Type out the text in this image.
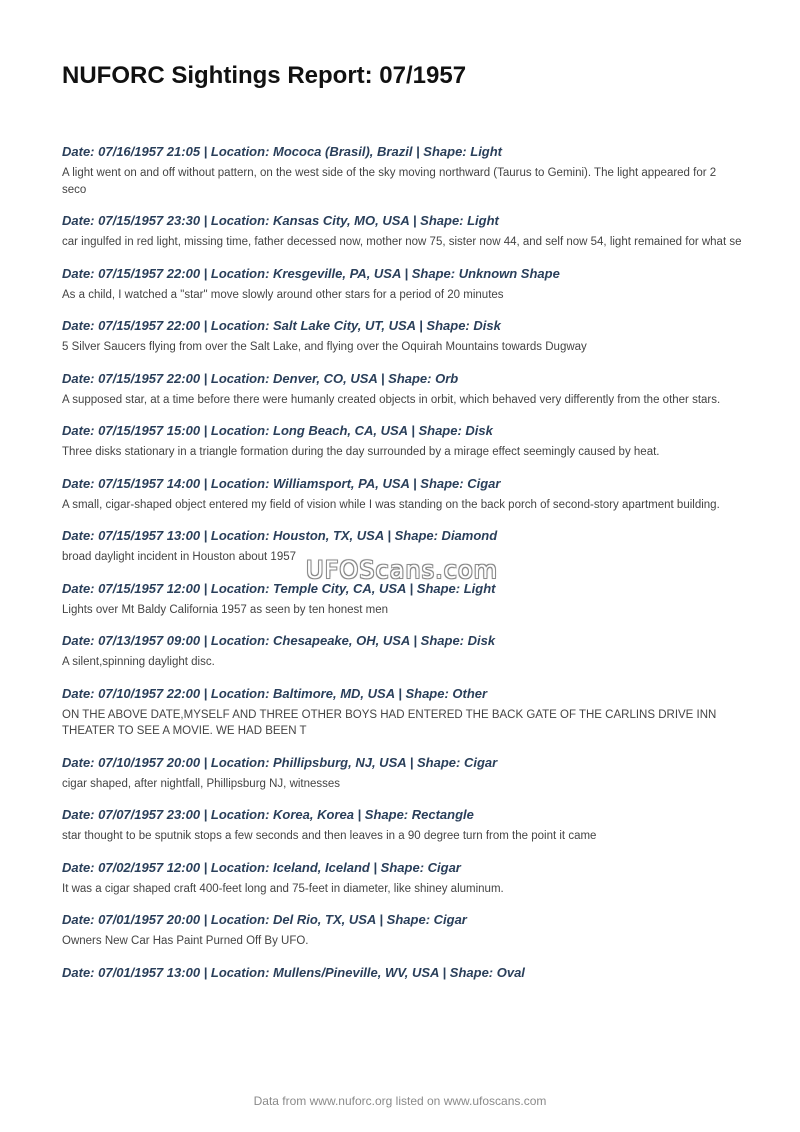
NUFORC Sightings Report: 07/1957
Date: 07/16/1957 21:05 | Location: Mococa (Brasil), Brazil | Shape: Light

A light went on and off without pattern, on the west side of the sky moving northward (Taurus to Gemini). The light appeared for 2 seco

Date: 07/15/1957 23:30 | Location: Kansas City, MO, USA | Shape: Light

car ingulfed in red light, missing time, father decessed now, mother now 75, sister now 44, and self now 54, light remained for what se

Date: 07/15/1957 22:00 | Location: Kresgeville, PA, USA | Shape: Unknown Shape

As a child, I watched a "star" move slowly around other stars for a period of 20 minutes

Date: 07/15/1957 22:00 | Location: Salt Lake City, UT, USA | Shape: Disk

5 Silver Saucers flying from over the Salt Lake, and flying over the Oquirah Mountains towards Dugway

Date: 07/15/1957 22:00 | Location: Denver, CO, USA | Shape: Orb

A supposed star, at a time before there were humanly created objects in orbit, which behaved very differently from the other stars.

Date: 07/15/1957 15:00 | Location: Long Beach, CA, USA | Shape: Disk

Three disks stationary in a triangle formation during the day surrounded by a mirage effect seemingly caused by heat.

Date: 07/15/1957 14:00 | Location: Williamsport, PA, USA | Shape: Cigar

A small, cigar-shaped object entered my field of vision while I was standing on the back porch of second-story apartment building.

Date: 07/15/1957 13:00 | Location: Houston, TX, USA | Shape: Diamond

broad daylight incident in Houston about 1957

Date: 07/15/1957 12:00 | Location: Temple City, CA, USA | Shape: Light

Lights over Mt Baldy California 1957 as seen by ten honest men

Date: 07/13/1957 09:00 | Location: Chesapeake, OH, USA | Shape: Disk

A silent,spinning daylight disc.

Date: 07/10/1957 22:00 | Location: Baltimore, MD, USA | Shape: Other

ON THE ABOVE DATE,MYSELF AND THREE OTHER BOYS HAD ENTERED THE BACK GATE OF THE CARLINS DRIVE INN THEATER TO SEE A MOVIE. WE HAD BEEN T

Date: 07/10/1957 20:00 | Location: Phillipsburg, NJ, USA | Shape: Cigar

cigar shaped, after nightfall, Phillipsburg NJ, witnesses

Date: 07/07/1957 23:00 | Location: Korea, Korea | Shape: Rectangle

star thought to be sputnik stops a few seconds and then leaves in a 90 degree turn from the point it came

Date: 07/02/1957 12:00 | Location: Iceland, Iceland | Shape: Cigar

It was a cigar shaped craft 400-feet long and 75-feet in diameter, like shiney aluminum.

Date: 07/01/1957 20:00 | Location: Del Rio, TX, USA | Shape: Cigar

Owners New Car Has Paint Purned Off By UFO.

Date: 07/01/1957 13:00 | Location: Mullens/Pineville, WV, USA | Shape: Oval
UFOScans.com
Data from www.nuforc.org listed on www.ufoscans.com
